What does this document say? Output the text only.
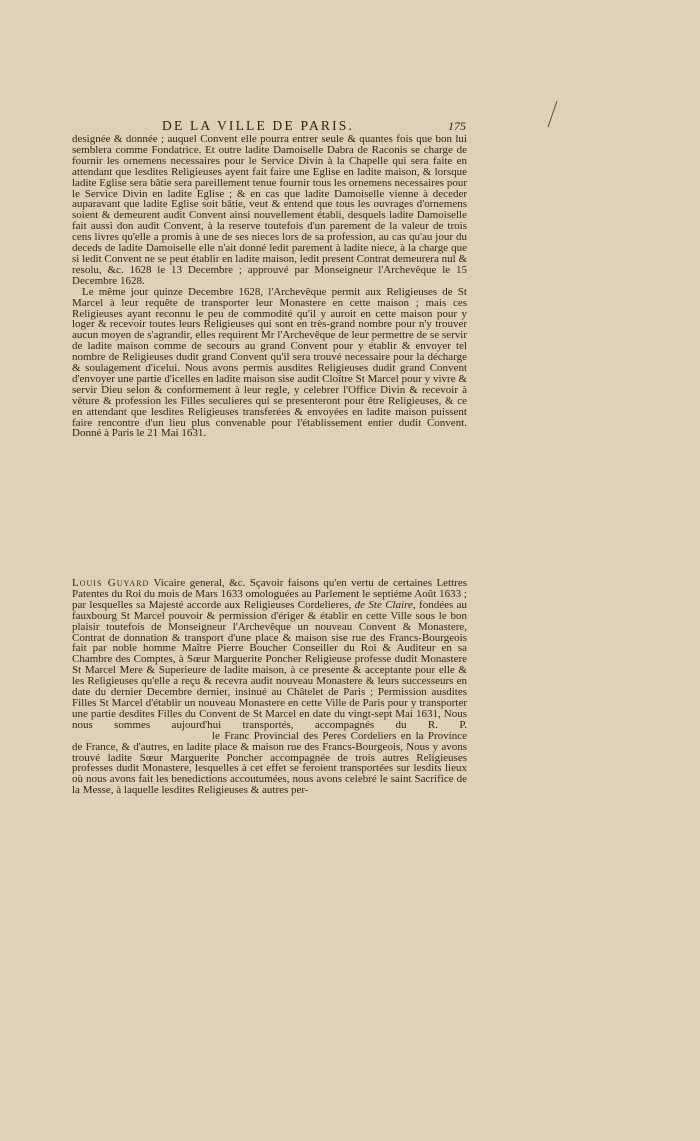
DE LA VILLE DE PARIS.	175

designée & donnée ; auquel Convent elle pourra entrer seule & quantes fois que bon lui semblera comme Fondatrice. Et outre ladite Damoiselle Dabra de Raconis se charge de fournir les ornemens necessaires pour le Service Divin à la Chapelle qui sera faite en attendant que lesdites Religieuses ayent fait faire une Eglise en ladite maison, & lorsque ladite Eglise sera bâtie sera pareillement tenue fournir tous les ornemens necessaires pour le Service Divin en ladite Eglise ; & en cas que ladite Damoiselle vienne à deceder auparavant que ladite Eglise soit bâtie, veut & entend que tous les ouvrages d'ornemens soient & demeurent audit Convent ainsi nouvellement établi, desquels ladite Damoiselle fait aussi don audit Convent, à la reserve toutefois d'un parement de la valeur de trois cens livres qu'elle a promis à une de ses nieces lors de sa profession, au cas qu'au jour du deceds de ladite Damoiselle elle n'ait donné ledit parement à ladite niece, à la charge que si ledit Convent ne se peut établir en ladite maison, ledit present Contrat demeurera nul & resolu, &c. 1628 le 13 Decembre ; approuvé par Monseigneur l'Archevêque le 15 Decembre 1628.

Le même jour quinze Decembre 1628, l'Archevêque permit aux Religieuses de St Marcel à leur requête de transporter leur Monastere en cette maison ; mais ces Religieuses ayant reconnu le peu de commodité qu'il y auroit en cette maison pour y loger & recevoir toutes leurs Religieuses qui sont en très-grand nombre pour n'y trouver aucun moyen de s'agrandir, elles requirent Mr l'Archevêque de leur permettre de se servir de ladite maison comme de secours au grand Convent pour y établir & envoyer tel nombre de Religieuses dudit grand Convent qu'il sera trouvé necessaire pour la décharge & soulagement d'icelui. Nous avons permis ausdites Religieuses dudit grand Convent d'envoyer une partie d'icelles en ladite maison sise audit Cloître St Marcel pour y vivre & servir Dieu selon & conformement à leur regle, y celebrer l'Office Divin & recevoir à vêture & profession les Filles seculieres qui se presenteront pour être Religieuses, & ce en attendant que lesdites Religieuses transferées & envoyées en ladite maison puissent faire rencontre d'un lieu plus convenable pour l'établissement entier dudit Convent. Donné à Paris le 21 Mai 1631.

Louis Guyard Vicaire general, &c. Sçavoir faisons qu'en vertu de certaines Lettres Patentes du Roi du mois de Mars 1633 omologuées au Parlement le septiéme Août 1633 ; par lesquelles sa Majesté accorde aux Religieuses Cordelieres, de Ste Claire, fondées au fauxbourg St Marcel pouvoir & permission d'ériger & établir en cette Ville sous le bon plaisir toutefois de Monseigneur l'Archevêque un nouveau Convent & Monastere, Contrat de donnation & transport d'une place & maison sise rue des Francs-Bourgeois fait par noble homme Maître Pierre Boucher Conseiller du Roi & Auditeur en sa Chambre des Comptes, à Sœur Marguerite Poncher Religieuse professe dudit Monastere St Marcel Mere & Superieure de ladite maison, à ce presente & acceptante pour elle & les Religieuses qu'elle a reçu & recevra audit nouveau Monastere & leurs successeurs en date du dernier Decembre dernier, insinué au Châtelet de Paris ; Permission ausdites Filles St Marcel d'établir un nouveau Monastere en cette Ville de Paris pour y transporter une partie desdites Filles du Convent de St Marcel en date du vingt-sept Mai 1631, Nous nous sommes aujourd'hui transportés, accompagnés du R. P.le Franc Provincial des Peres Cordeliers en la Province de France, & d'autres, en ladite place & maison rue des Francs-Bourgeois, Nous y avons trouvé ladite Sœur Marguerite Poncher accompagnée de trois autres Religieuses professes dudit Monastere, lesquelles à cet effet se feroient transportées sur lesdits lieux où nous avons fait les benedictions accoutumées, nous avons celebré le saint Sacrifice de la Messe, à laquelle lesdites Religieuses & autres per-
